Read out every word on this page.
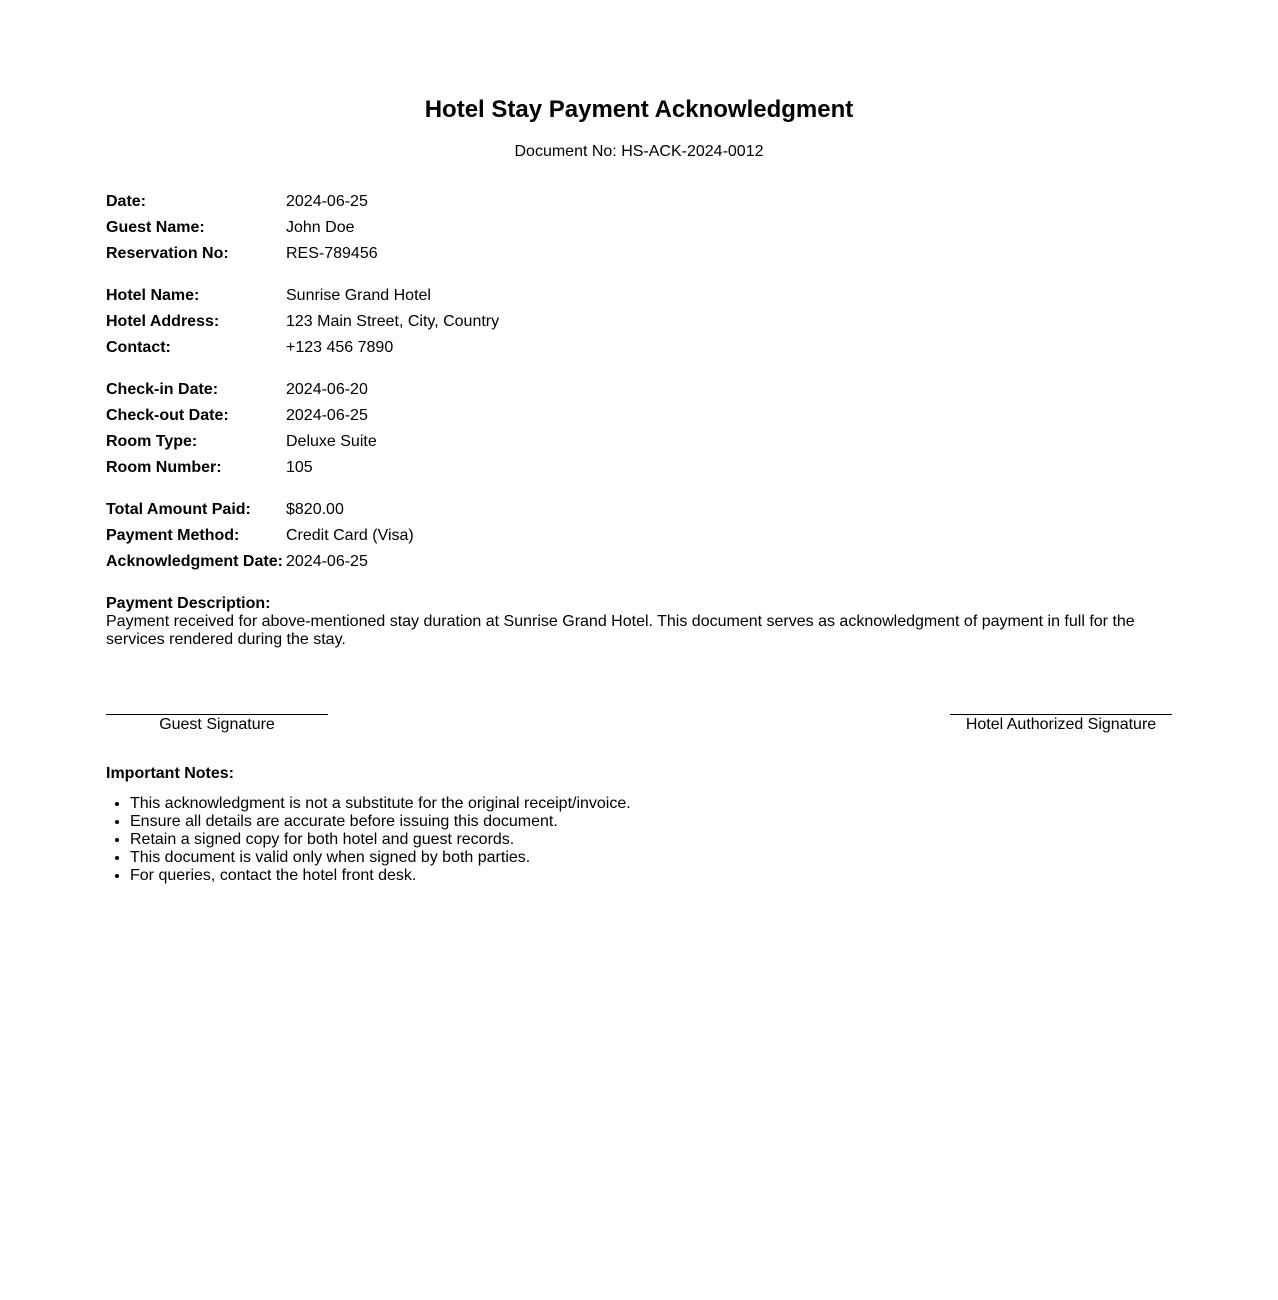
Hotel Stay Payment Acknowledgment
Document No: HS-ACK-2024-0012
Date:	2024-06-25
Guest Name:	John Doe
Reservation No:	RES-789456
Hotel Name:	Sunrise Grand Hotel
Hotel Address:	123 Main Street, City, Country
Contact:	+123 456 7890
Check-in Date:	2024-06-20
Check-out Date:	2024-06-25
Room Type:	Deluxe Suite
Room Number:	105
Total Amount Paid:	$820.00
Payment Method:	Credit Card (Visa)
Acknowledgment Date: 2024-06-25
Payment Description:
Payment received for above-mentioned stay duration at Sunrise Grand Hotel. This document serves as acknowledgment of payment in full for the services rendered during the stay.
Guest Signature	Hotel Authorized Signature
Important Notes:
• This acknowledgment is not a substitute for the original receipt/invoice.
• Ensure all details are accurate before issuing this document.
• Retain a signed copy for both hotel and guest records.
• This document is valid only when signed by both parties.
• For queries, contact the hotel front desk.
